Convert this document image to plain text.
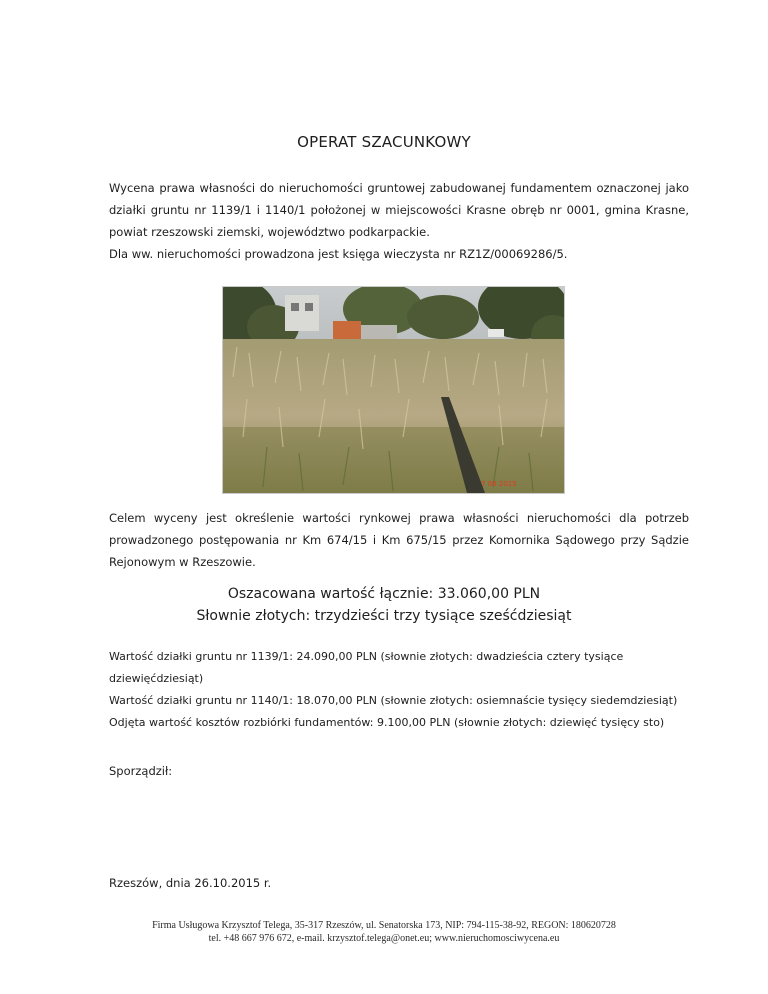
OPERAT SZACUNKOWY

Wycena prawa własności do nieruchomości gruntowej zabudowanej fundamentem oznaczonej jako działki gruntu nr 1139/1 i 1140/1 położonej w miejscowości Krasne obręb nr 0001, gmina Krasne, powiat rzeszowski ziemski, województwo podkarpackie.

Dla ww. nieruchomości prowadzona jest księga wieczysta nr RZ1Z/00069286/5.

7 08 2015
Celem wyceny jest określenie wartości rynkowej prawa własności nieruchomości dla potrzeb prowadzonego postępowania nr Km 674/15 i Km 675/15 przez Komornika Sądowego przy Sądzie Rejonowym w Rzeszowie.
Oszacowana wartość łącznie: 33.060,00 PLN
Słownie złotych: trzydzieści trzy tysiące sześćdziesiąt
Wartość działki gruntu nr 1139/1: 24.090,00 PLN (słownie złotych: dwadzieścia cztery tysiące dziewięćdziesiąt)
Wartość działki gruntu nr 1140/1: 18.070,00 PLN (słownie złotych: osiemnaście tysięcy siedemdziesiąt)
Odjęta wartość kosztów rozbiórki fundamentów: 9.100,00 PLN (słownie złotych: dziewięć tysięcy sto)
Sporządził:
Rzeszów, dnia 26.10.2015 r.
Firma Usługowa Krzysztof Telega, 35-317 Rzeszów, ul. Senatorska 173, NIP: 794-115-38-92, REGON: 180620728
tel. +48 667 976 672, e-mail. krzysztof.telega@onet.eu; www.nieruchomosciwycena.eu
